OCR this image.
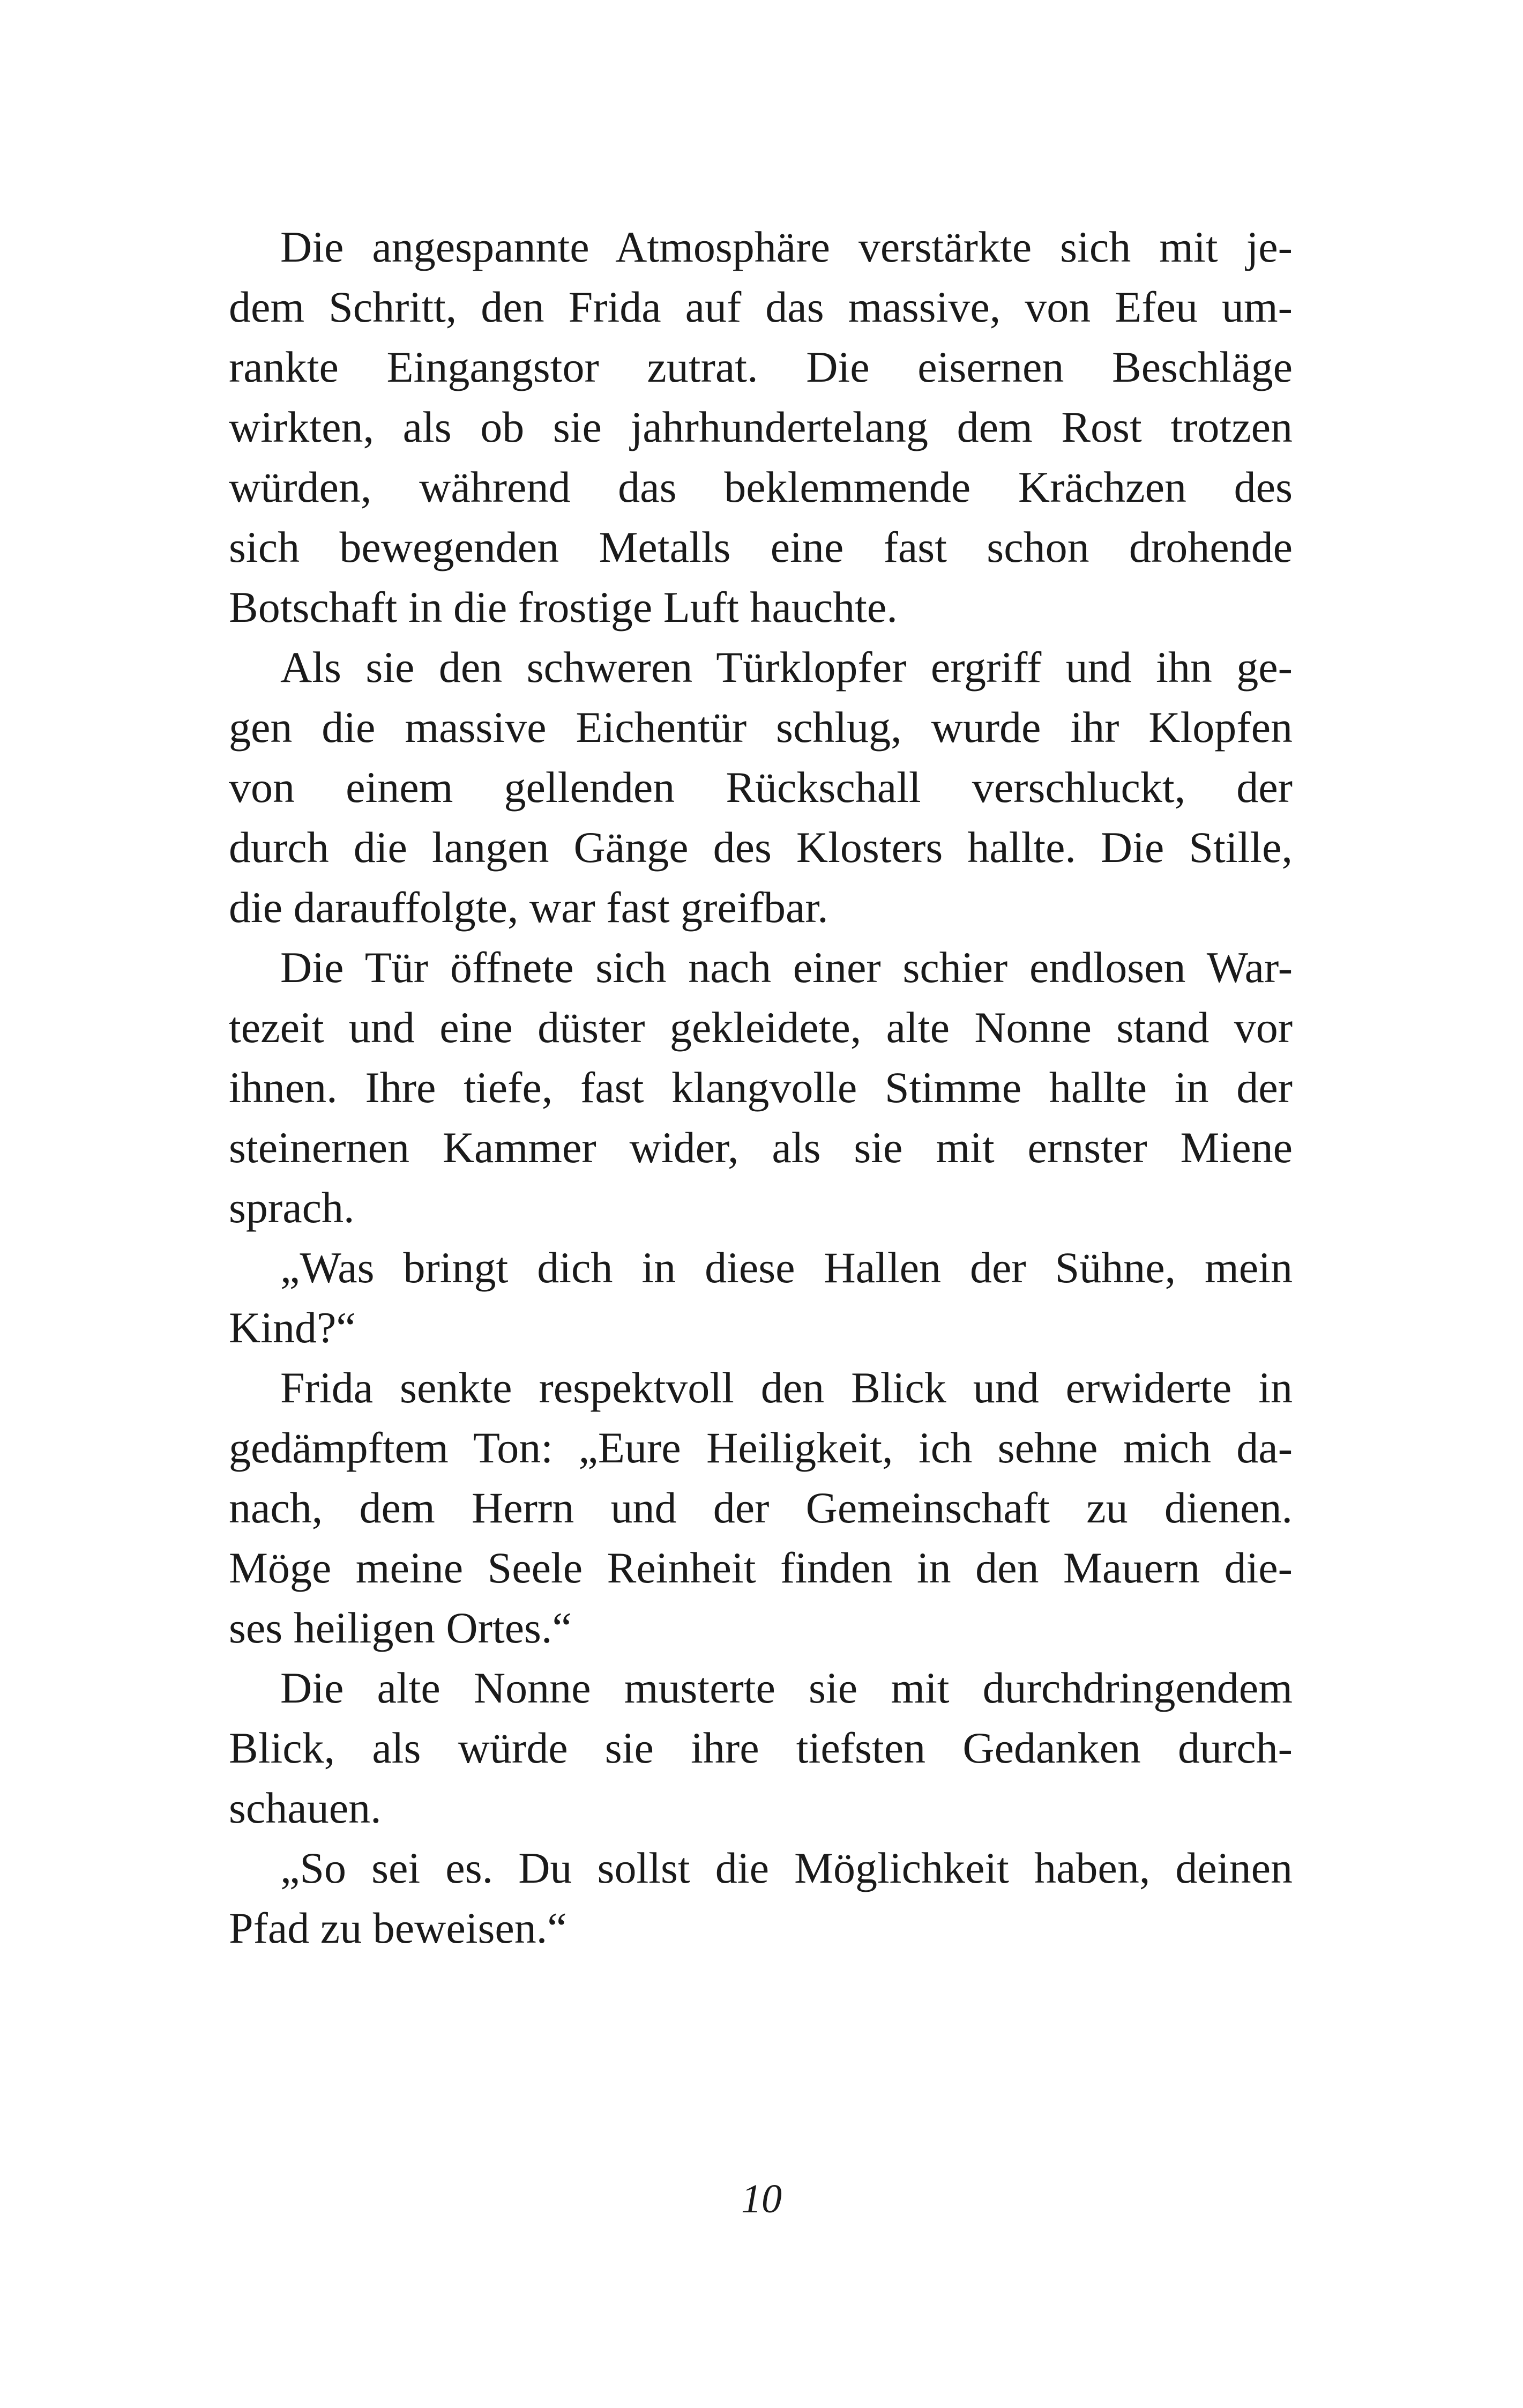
Die angespannte Atmosphäre verstärkte sich mit je-
dem Schritt, den Frida auf das massive, von Efeu um-
rankte Eingangstor zutrat. Die eisernen Beschläge
wirkten, als ob sie jahrhundertelang dem Rost trotzen
würden, während das beklemmende Krächzen des
sich bewegenden Metalls eine fast schon drohende
Botschaft in die frostige Luft hauchte.
Als sie den schweren Türklopfer ergriff und ihn ge-
gen die massive Eichentür schlug, wurde ihr Klopfen
von einem gellenden Rückschall verschluckt, der
durch die langen Gänge des Klosters hallte. Die Stille,
die darauffolgte, war fast greifbar.
Die Tür öffnete sich nach einer schier endlosen War-
tezeit und eine düster gekleidete, alte Nonne stand vor
ihnen. Ihre tiefe, fast klangvolle Stimme hallte in der
steinernen Kammer wider, als sie mit ernster Miene
sprach.
„Was bringt dich in diese Hallen der Sühne, mein
Kind?“
Frida senkte respektvoll den Blick und erwiderte in
gedämpftem Ton: „Eure Heiligkeit, ich sehne mich da-
nach, dem Herrn und der Gemeinschaft zu dienen.
Möge meine Seele Reinheit finden in den Mauern die-
ses heiligen Ortes.“
Die alte Nonne musterte sie mit durchdringendem
Blick, als würde sie ihre tiefsten Gedanken durch-
schauen.
„So sei es. Du sollst die Möglichkeit haben, deinen
Pfad zu beweisen.“
10
